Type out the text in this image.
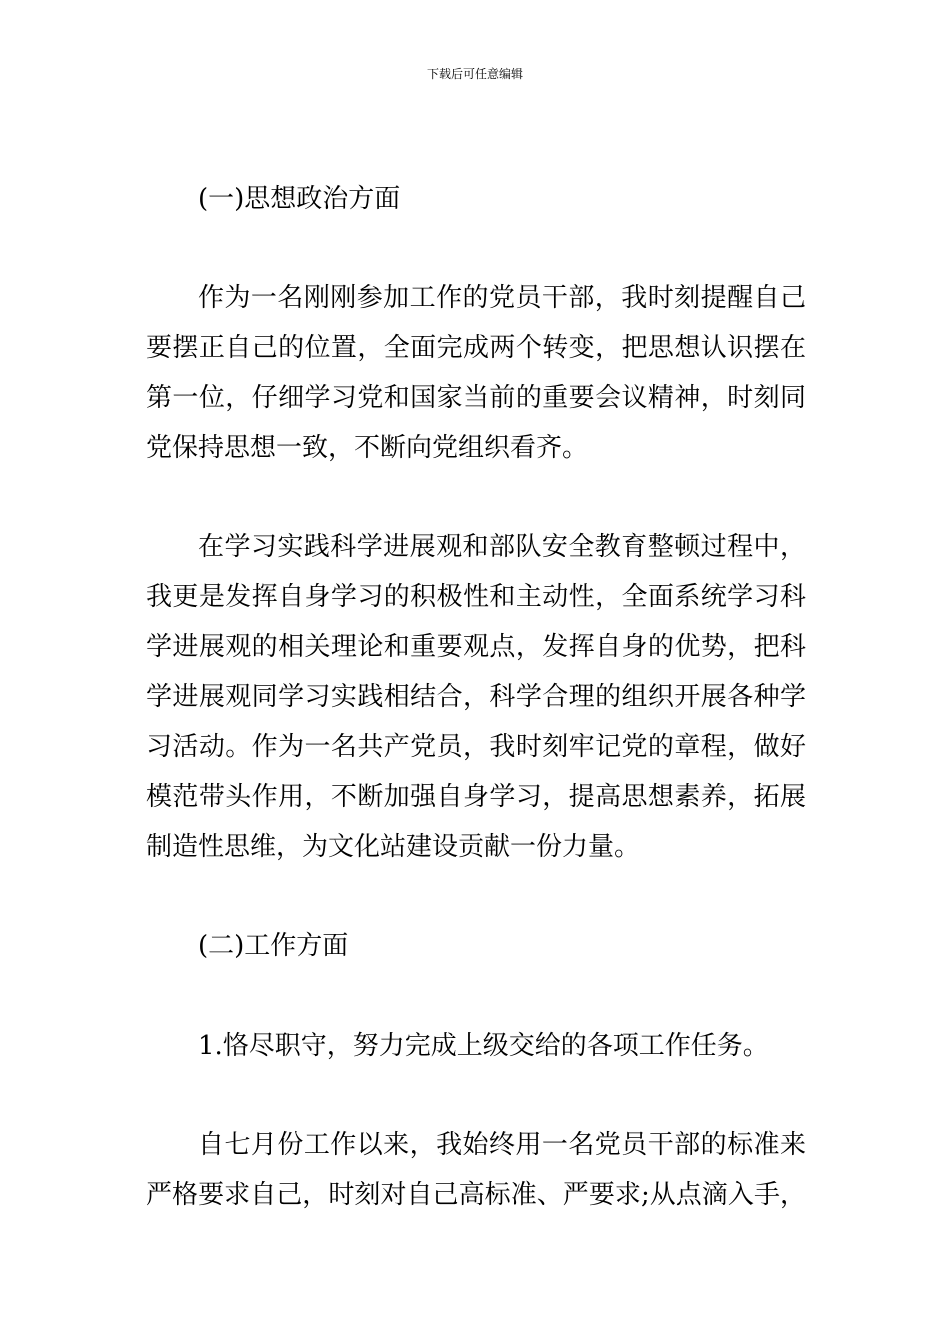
下载后可任意编辑
(一)思想政治方面
作为一名刚刚参加工作的党员干部，我时刻提醒自己
要摆正自己的位置，全面完成两个转变，把思想认识摆在
第一位，仔细学习党和国家当前的重要会议精神，时刻同
党保持思想一致，不断向党组织看齐。
在学习实践科学进展观和部队安全教育整顿过程中，
我更是发挥自身学习的积极性和主动性，全面系统学习科
学进展观的相关理论和重要观点，发挥自身的优势，把科
学进展观同学习实践相结合，科学合理的组织开展各种学
习活动。作为一名共产党员，我时刻牢记党的章程，做好
模范带头作用，不断加强自身学习，提高思想素养，拓展
制造性思维，为文化站建设贡献一份力量。
(二)工作方面
1.恪尽职守，努力完成上级交给的各项工作任务。
自七月份工作以来，我始终用一名党员干部的标准来
严格要求自己，时刻对自己高标准、严要求;从点滴入手，
